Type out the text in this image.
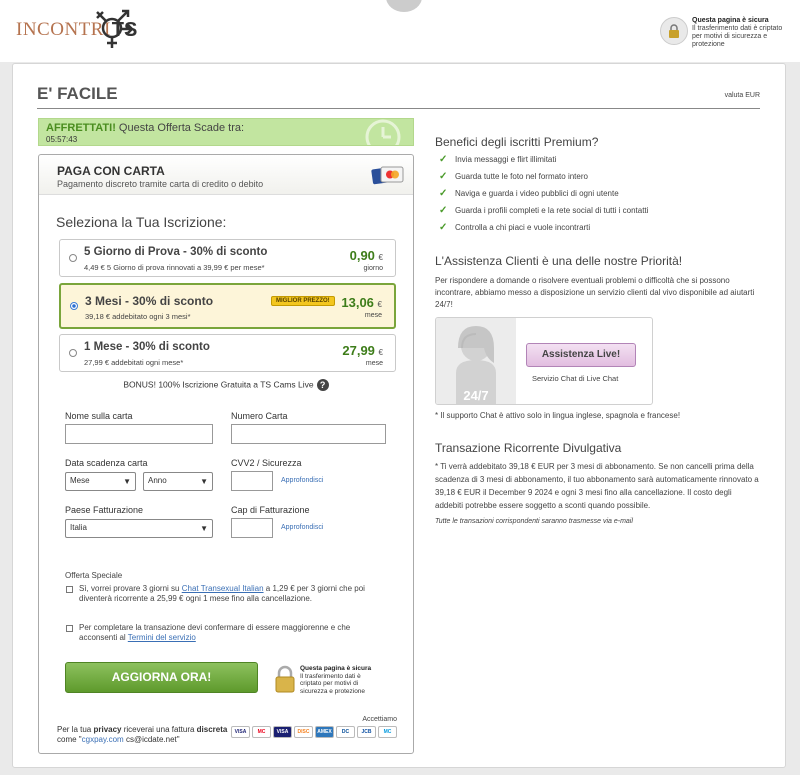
INCONTRI TS	Questa pagina è sicura
Il trasferimento dati è criptato per motivi di sicurezza e protezione
E' FACILE	valuta EUR
AFFRETTATI! Questa Offerta Scade tra:
05:57:43
PAGA CON CARTA
Pagamento discreto tramite carta di credito o debito
Seleziona la Tua Iscrizione:
5 Giorno di Prova - 30% di sconto
4,49 € 5 Giorno di prova rinnovati a 39,99 € per mese*
0,90 €
giorno
3 Mesi - 30% di sconto
39,18 € addebitato ogni 3 mesi*
MIGLIOR PREZZO! 13,06 €
mese
1 Mese - 30% di sconto
27,99 € addebitati ogni mese*
27,99 €
mese
BONUS! 100% Iscrizione Gratuita a TS Cams Live ?
Nome sulla carta	Numero Carta
Data scadenza carta
Mese	▼	Anno	▼
CVV2 / Sicurezza
Approfondisci
Paese Fatturazione
Italia	▼
Cap di Fatturazione
Approfondisci
Offerta Speciale
Sì, vorrei provare 3 giorni su Chat Transexual Italian a 1,29 € per 3 giorni che poi diventerà ricorrente a 25,99 € ogni 1 mese fino alla cancellazione.
Per completare la transazione devi confermare di essere maggiorenne e che acconsenti al Termini del servizio
AGGIORNA ORA!
Questa pagina è sicura
Il trasferimento dati è criptato per motivi di sicurezza e protezione
Per la tua privacy riceverai una fattura discreta
come "cgxpay.com cs@icdate.net"
Accettiamo
VISA	MC	VISA	DISC	AMEX	DC	JCB	MC
Benefici degli iscritti Premium?
✓ Invia messaggi e flirt illimitati
✓ Guarda tutte le foto nel formato intero
✓ Naviga e guarda i video pubblici di ogni utente
✓ Guarda i profili completi e la rete social di tutti i contatti
✓ Controlla a chi piaci e vuole incontrarti
L'Assistenza Clienti è una delle nostre Priorità!
Per rispondere a domande o risolvere eventuali problemi o difficoltà che si possono incontrare, abbiamo messo a disposizione un servizio clienti dal vivo disponibile ad aiutarti 24/7!
24/7
Assistenza Live!
Servizio Chat di Live Chat
* Il supporto Chat è attivo solo in lingua inglese, spagnola e francese!
Transazione Ricorrente Divulgativa
* Ti verrà addebitato 39,18 € EUR per 3 mesi di abbonamento. Se non cancelli prima della scadenza di 3 mesi di abbonamento, il tuo abbonamento sarà automaticamente rinnovato a 39,18 € EUR il December 9 2024 e ogni 3 mesi fino alla cancellazione. Il costo degli addebiti potrebbe essere soggetto a sconti quando possibile.
Tutte le transazioni corrispondenti saranno trasmesse via e-mail
